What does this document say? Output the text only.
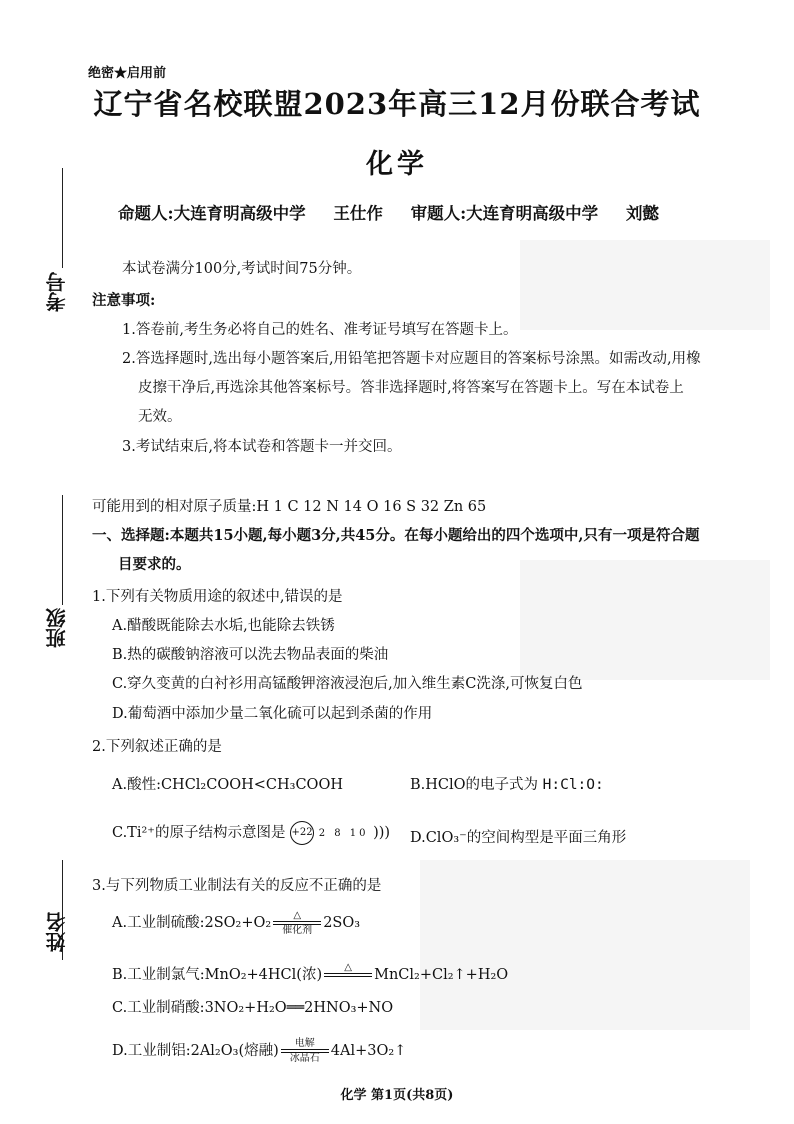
考号
班级
姓名
绝密★启用前
辽宁省名校联盟2023年高三12月份联合考试
化学
命题人:大连育明高级中学 王仕作 审题人:大连育明高级中学 刘懿
本试卷满分100分,考试时间75分钟。
注意事项:
1.答卷前,考生务必将自己的姓名、准考证号填写在答题卡上。
2.答选择题时,选出每小题答案后,用铅笔把答题卡对应题目的答案标号涂黑。如需改动,用橡
皮擦干净后,再选涂其他答案标号。答非选择题时,将答案写在答题卡上。写在本试卷上
无效。
3.考试结束后,将本试卷和答题卡一并交回。
可能用到的相对原子质量:H 1 C 12 N 14 O 16 S 32 Zn 65
一、选择题:本题共15小题,每小题3分,共45分。在每小题给出的四个选项中,只有一项是符合题
目要求的。
1.下列有关物质用途的叙述中,错误的是
A.醋酸既能除去水垢,也能除去铁锈
B.热的碳酸钠溶液可以洗去物品表面的柴油
C.穿久变黄的白衬衫用高锰酸钾溶液浸泡后,加入维生素C洗涤,可恢复白色
D.葡萄酒中添加少量二氧化硫可以起到杀菌的作用
2.下列叙述正确的是
A.酸性:CHCl₂COOH<CH₃COOH	B.HClO的电子式为 H:Cl:O:
C.Ti²⁺的原子结构示意图是 +22 2 8 10 ))) D.ClO₃⁻的空间构型是平面三角形
3.与下列物质工业制法有关的反应不正确的是
A.工业制硫酸:2SO₂+O₂ $\frac{\triangle}{\text{催化剂}} 2SO_3$
B.工业制氯气:MnO₂+4HCl(浓)	△
	MnCl₂+Cl₂↑+H₂O
C.工业制硝酸:3NO₂+H₂O══2HNO₃+NO
D.工业制铝:2Al₂O₃(熔融) $\frac{\text{电解}}{\text{冰晶石}}$ 4Al+3O₂↑
化学 第1页(共8页)
